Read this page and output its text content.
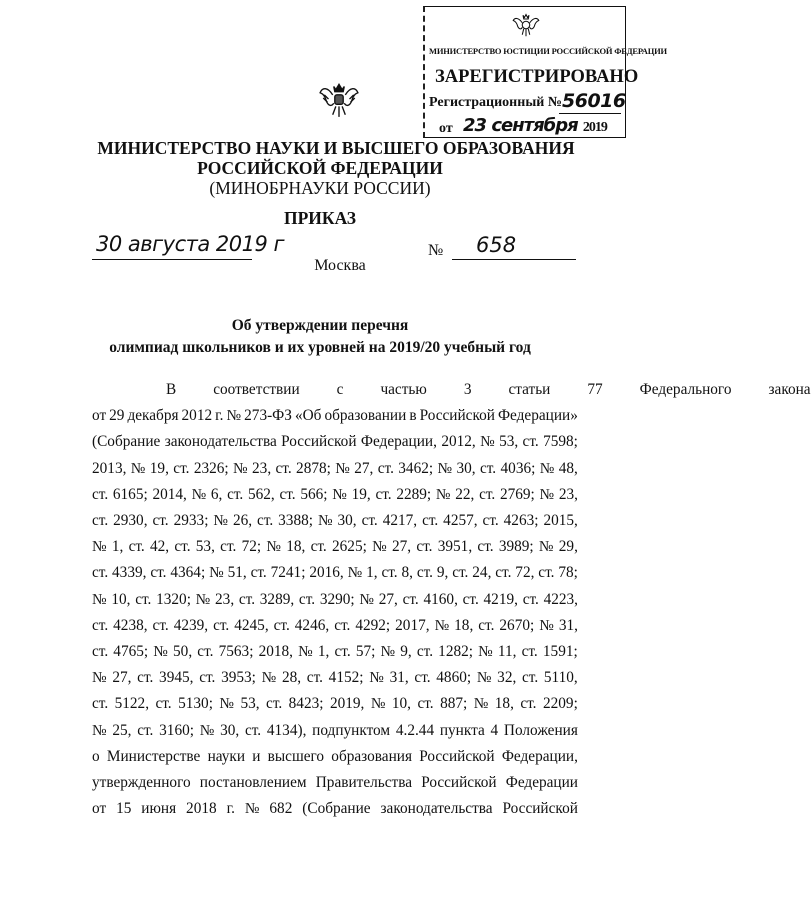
МИНИСТЕРСТВО ЮСТИЦИИ РОССИЙСКОЙ ФЕДЕРАЦИИ
ЗАРЕГИСТРИРОВАНО
Регистрационный № 56016
от 23 сентября 2019
МИНИСТЕРСТВО НАУКИ И ВЫСШЕГО ОБРАЗОВАНИЯ
РОССИЙСКОЙ ФЕДЕРАЦИИ
(МИНОБРНАУКИ РОССИИ)
ПРИКАЗ
30 августа 2019 г	№ 658
Москва
Об утверждении перечня
олимпиад школьников и их уровней на 2019/20 учебный год
В	соответствии	с	частью	3	статьи	77	Федерального	закона
от 29 декабря 2012 г. № 273-ФЗ «Об образовании в Российской Федерации»
(Собрание законодательства Российской Федерации, 2012, № 53, ст. 7598;
2013, № 19, ст. 2326; № 23, ст. 2878; № 27, ст. 3462; № 30, ст. 4036; № 48,
ст. 6165; 2014, № 6, ст. 562, ст. 566; № 19, ст. 2289; № 22, ст. 2769; № 23,
ст. 2930, ст. 2933; № 26, ст. 3388; № 30, ст. 4217, ст. 4257, ст. 4263; 2015,
№ 1, ст. 42, ст. 53, ст. 72; № 18, ст. 2625; № 27, ст. 3951, ст. 3989; № 29,
ст. 4339, ст. 4364; № 51, ст. 7241; 2016, № 1, ст. 8, ст. 9, ст. 24, ст. 72, ст. 78;
№ 10, ст. 1320; № 23, ст. 3289, ст. 3290; № 27, ст. 4160, ст. 4219, ст. 4223,
ст. 4238, ст. 4239, ст. 4245, ст. 4246, ст. 4292; 2017, № 18, ст. 2670; № 31,
ст. 4765; № 50, ст. 7563; 2018, № 1, ст. 57; № 9, ст. 1282; № 11, ст. 1591;
№ 27, ст. 3945, ст. 3953; № 28, ст. 4152; № 31, ст. 4860; № 32, ст. 5110,
ст. 5122, ст. 5130; № 53, ст. 8423; 2019, № 10, ст. 887; № 18, ст. 2209;
№ 25, ст. 3160; № 30, ст. 4134), подпунктом 4.2.44 пункта 4 Положения
о Министерстве науки и высшего образования Российской Федерации,
утвержденного постановлением Правительства Российской Федерации
от 15 июня 2018 г. № 682 (Собрание законодательства Российской
